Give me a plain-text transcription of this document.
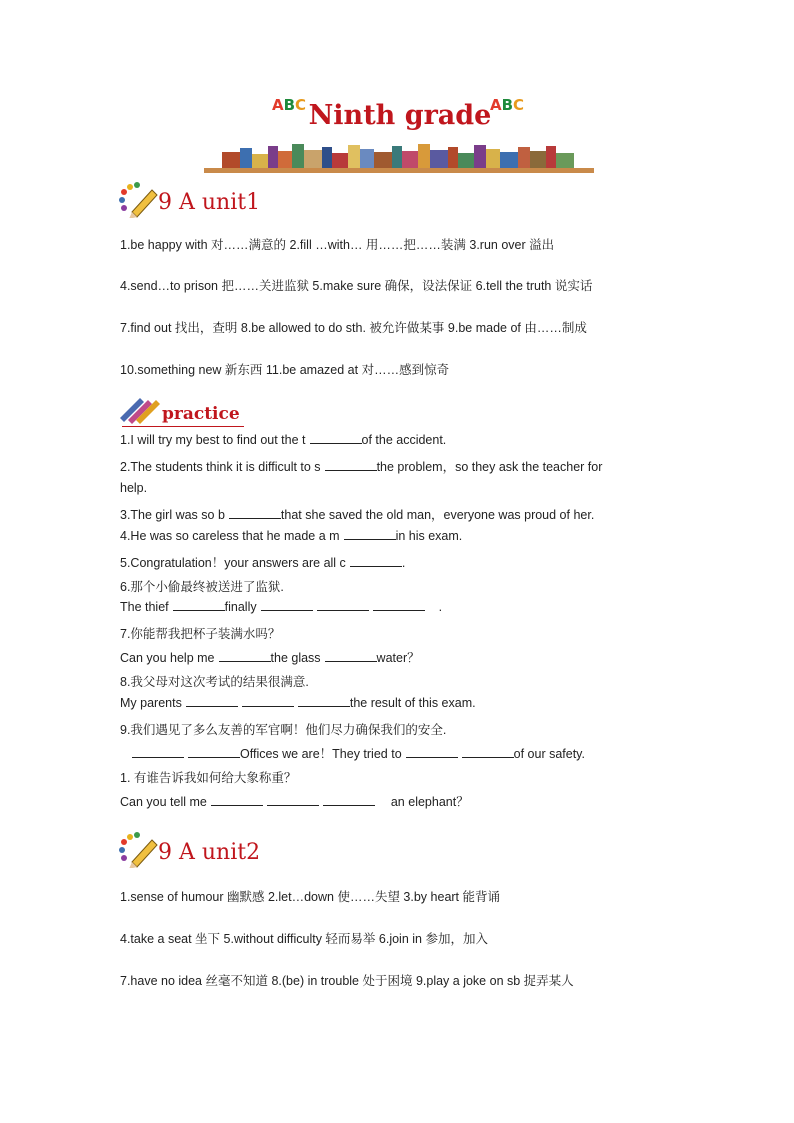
ABC Ninth grade
ABC
9 A unit1
1.be happy with 对……满意的 2.fill …with… 用……把……装满 3.run over 溢出
4.send…to prison 把……关进监狱 5.make sure 确保，设法保证 6.tell the truth 说实话
7.find out 找出，查明 8.be allowed to do sth. 被允许做某事 9.be made of 由……制成
10.something new 新东西 11.be amazed at 对……感到惊奇
practice
1.I will try my best to find out the t	of the accident.
2.The students think it is difficult to s	the problem，so they ask the teacher for
help.
3.The girl was so b	that she saved the old man，everyone was proud of her.
4.He was so careless that he made a m	in his exam.
5.Congratulation！your answers are all c	.
6.那个小偷最终被送进了监狱.
The thief	finally	.
7.你能帮我把杯子装满水吗？
Can you help me	the glass	water？
8.我父母对这次考试的结果很满意.
My parents	the result of this exam.
9.我们遇见了多么友善的军官啊！他们尽力确保我们的安全.
Offices we are！They tried to	of our safety.
1. 有谁告诉我如何给大象称重？
Can you tell me	an elephant？
9 A unit2
1.sense of humour 幽默感 2.let…down 使……失望 3.by heart 能背诵
4.take a seat 坐下 5.without difficulty 轻而易举 6.join in 参加，加入
7.have no idea 丝毫不知道 8.(be) in trouble 处于困境 9.play a joke on sb 捉弄某人
